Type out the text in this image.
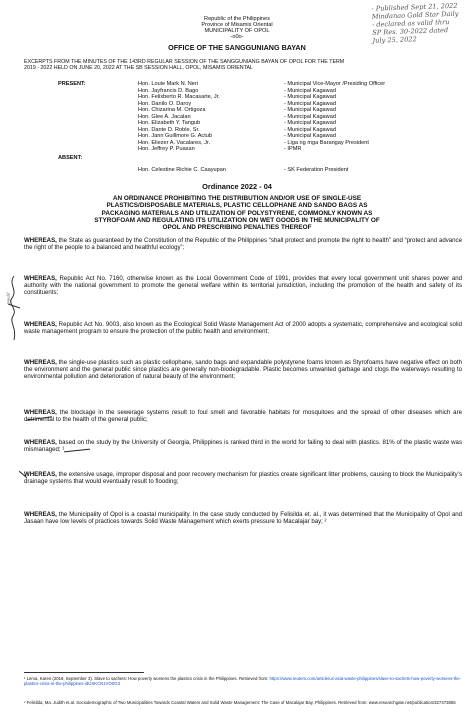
Republic of the Philippines
Province of Misamis Oriental
MUNICIPALITY OF OPOL
-o0o-
OFFICE OF THE SANGGUNIANG BAYAN
- Published Sept 21, 2022
Mindanao Gold Star Daily
- declared as valid thru
SP Res. 30-2022 dated
July 25, 2022
EXCERPTS FROM THE MINUTES OF THE 143RD REGULAR SESSION OF THE SANGGUNIANG BAYAN OF OPOL FOR THE TERM
2019 - 2022 HELD ON JUNE 20, 2022 AT THE SB SESSION HALL, OPOL, MISAMIS ORIENTAL
PRESENT:	Hon. Louie Mark N. Neri	- Municipal Vice-Mayor /Presiding Officer
Hon. Jayfrancis D. Bago	- Municipal Kagawad
Hon. Felixberto R. Macasarte, Jr.	- Municipal Kagawad
Hon. Danilo O. Daroy	- Municipal Kagawad
Hon. Chizarina M. Ortigoza	- Municipal Kagawad
Hon. Glee A. Jacalan	- Municipal Kagawad
Hon. Elizabeth Y. Tangub	- Municipal Kagawad
Hon. Dante D. Roble, Sr.	- Municipal Kagawad
Hon. Jann Guillmore G. Actub	- Municipal Kagawad
Hon. Eliezer A. Vacalares, Jr.	- Liga ng mga Barangay President
Hon. Jeffrey P. Puasan	- IPMR
ABSENT:
Hon. Celestine Richie C. Caayupan	- SK Federation President
Ordinance 2022 - 04
AN ORDINANCE PROHIBITING THE DISTRIBUTION AND/OR USE OF SINGLE-USE
PLASTICS/DISPOSABLE MATERIALS, PLASTIC CELLOPHANE AND SANDO BAGS AS
PACKAGING MATERIALS AND UTILIZATION OF POLYSTYRENE, COMMONLY KNOWN AS
STYROFOAM AND REGULATING ITS UTILIZATION ON WET GOODS IN THE MUNICIPALITY OF
OPOL AND PRESCRIBING PENALTIES THEREOF
WHEREAS, the State as guaranteed by the Constitution of the Republic of the Philippines “shall protect and promote the right to health” and “protect and advance the right of the people to a balanced and healthful ecology”;
WHEREAS, Republic Act No. 7160, otherwise known as the Local Government Code of 1991, provides that every local government unit shares power and authority with the national government to promote the general welfare within its territorial jurisdiction, including the promotion of the health and safety of its constituents;
WHEREAS, Republic Act No. 9003, also known as the Ecological Solid Waste Management Act of 2000 adopts a systematic, comprehensive and ecological solid waste management program to ensure the protection of the public health and environment;
WHEREAS, the single-use plastics such as plastic cellophane, sando bags and expandable polystyrene foams known as Styrofoams have negative effect on both the environment and the general public since plastics are generally non-biodegradable. Plastic becomes unwanted garbage and clogs the waterways resulting to environmental pollution and deterioration of natural beauty of the environment;
WHEREAS, the blockage in the sewerage systems result to foul smell and favorable habitats for mosquitoes and the spread of other diseases which are detrimental to the health of the general public;
WHEREAS, based on the study by the University of Georgia, Philippines is ranked third in the world for failing to deal with plastics. 81% of the plastic waste was mismanaged; ¹
WHEREAS, the extensive usage, improper disposal and poor recovery mechanism for plastics create significant litter problems, causing to block the Municipality’s drainage systems that would eventually result to flooding;
WHEREAS, the Municipality of Opol is a coastal municipality. In the case study conducted by Felisilda et. al., it was determined that the Municipality of Opol and Jasaan have low levels of practices towards Solid Waste Management which exerts pressure to Macalajar bay; ²
Gould
¹ Lema, Karen (2019, September 3). Slave to sachets: How poverty worsens the plastics crisis in the Philippines. Retrieved from: https://www.reuters.com/article/us-asia-waste-philippines/slave-to-sachets-how-poverty-worsens-the-plastics-crisis-in-the-philippines-idUSKCN1VO0G3
² Felisilda, Ma. Judith et.al. Sociodemographic of Two Municipalities Towards Coastal Waters and Solid Waste Management: The Case of Macalajar Bay, Philippines. Retrieved from: www.researchgate.net/publication/327473855
